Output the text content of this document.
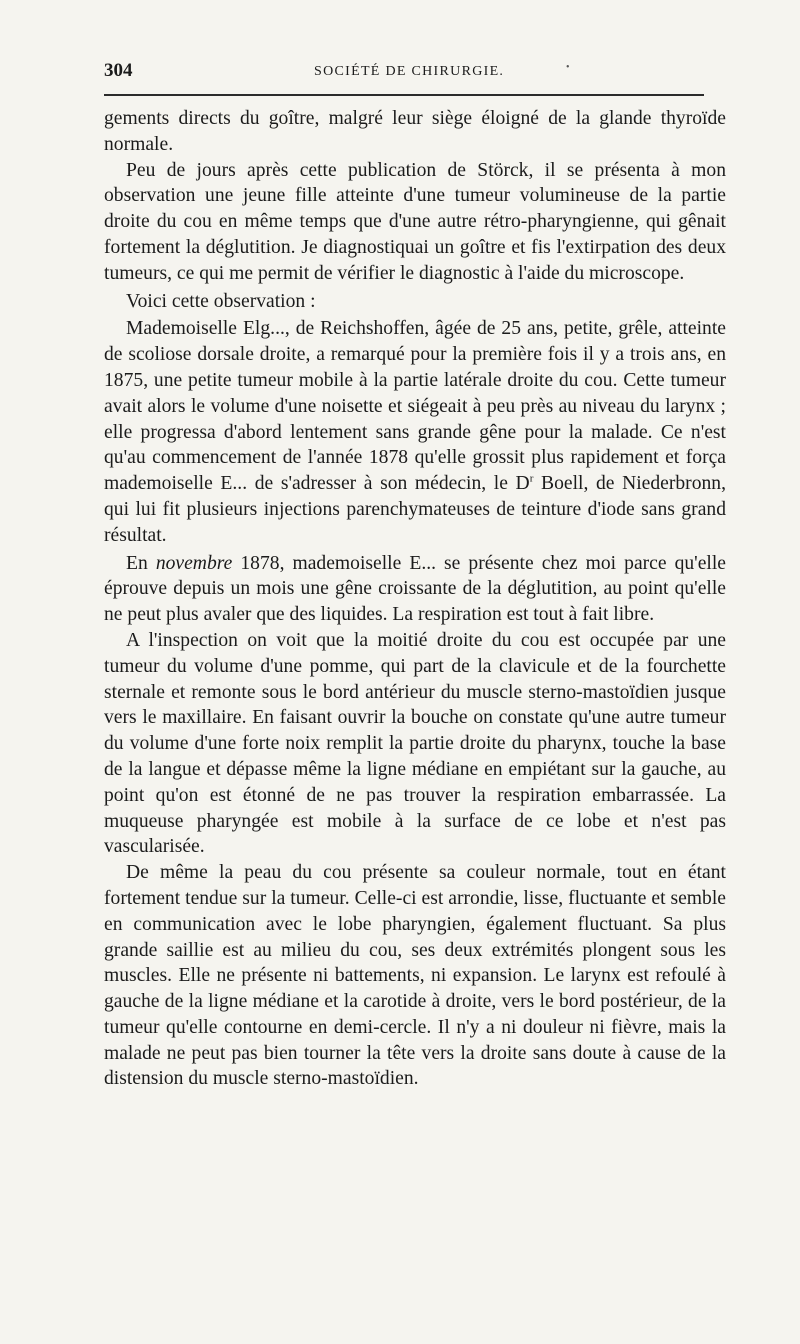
304	SOCIÉTÉ DE CHIRURGIE.	•

gements directs du goître, malgré leur siège éloigné de la glande thyroïde normale.

Peu de jours après cette publication de Störck, il se présenta à mon observation une jeune fille atteinte d'une tumeur volumineuse de la partie droite du cou en même temps que d'une autre rétro-pharyngienne, qui gênait fortement la déglutition. Je diagnostiquai un goître et fis l'extirpation des deux tumeurs, ce qui me permit de vérifier le diagnostic à l'aide du microscope.

Voici cette observation :

Mademoiselle Elg..., de Reichshoffen, âgée de 25 ans, petite, grêle, atteinte de scoliose dorsale droite, a remarqué pour la première fois il y a trois ans, en 1875, une petite tumeur mobile à la partie latérale droite du cou. Cette tumeur avait alors le volume d'une noisette et siégeait à peu près au niveau du larynx ; elle progressa d'abord lentement sans grande gêne pour la malade. Ce n'est qu'au commencement de l'année 1878 qu'elle grossit plus rapidement et força mademoiselle E... de s'adresser à son médecin, le $D^r$ Boell, de Niederbronn, qui lui fit plusieurs injections parenchymateuses de teinture d'iode sans grand résultat.

En novembre 1878, mademoiselle E... se présente chez moi parce qu'elle éprouve depuis un mois une gêne croissante de la déglutition, au point qu'elle ne peut plus avaler que des liquides. La respiration est tout à fait libre.

A l'inspection on voit que la moitié droite du cou est occupée par une tumeur du volume d'une pomme, qui part de la clavicule et de la fourchette sternale et remonte sous le bord antérieur du muscle sterno-mastoïdien jusque vers le maxillaire. En faisant ouvrir la bouche on constate qu'une autre tumeur du volume d'une forte noix remplit la partie droite du pharynx, touche la base de la langue et dépasse même la ligne médiane en empiétant sur la gauche, au point qu'on est étonné de ne pas trouver la respiration embarrassée. La muqueuse pharyngée est mobile à la surface de ce lobe et n'est pas vascularisée.

De même la peau du cou présente sa couleur normale, tout en étant fortement tendue sur la tumeur. Celle-ci est arrondie, lisse, fluctuante et semble en communication avec le lobe pharyngien, également fluctuant. Sa plus grande saillie est au milieu du cou, ses deux extrémités plongent sous les muscles. Elle ne présente ni battements, ni expansion. Le larynx est refoulé à gauche de la ligne médiane et la carotide à droite, vers le bord postérieur, de la tumeur qu'elle contourne en demi-cercle. Il n'y a ni douleur ni fièvre, mais la malade ne peut pas bien tourner la tête vers la droite sans doute à cause de la distension du muscle sterno-mastoïdien.
